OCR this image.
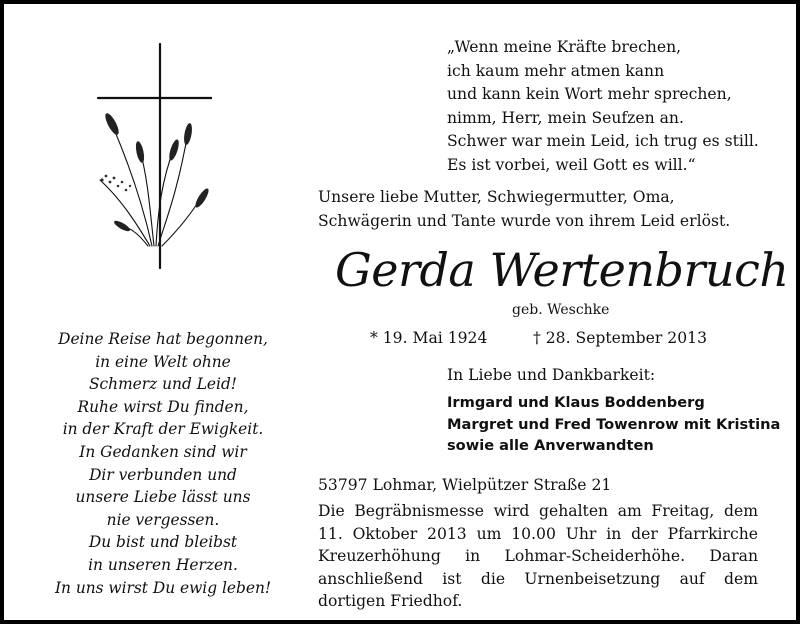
Deine Reise hat begonnen,
in eine Welt ohne
Schmerz und Leid!
Ruhe wirst Du finden,
in der Kraft der Ewigkeit.
In Gedanken sind wir
Dir verbunden und
unsere Liebe lässt uns
nie vergessen.
Du bist und bleibst
in unseren Herzen.
In uns wirst Du ewig leben!
„Wenn meine Kräfte brechen,
ich kaum mehr atmen kann
und kann kein Wort mehr sprechen,
nimm, Herr, mein Seufzen an.
Schwer war mein Leid, ich trug es still.
Es ist vorbei, weil Gott es will.“
Unsere liebe Mutter, Schwiegermutter, Oma, Schwägerin und Tante wurde von ihrem Leid erlöst.
Gerda Wertenbruch
geb. Weschke
* 19. Mai 1924	† 28. September 2013
In Liebe und Dankbarkeit:
Irmgard und Klaus Boddenberg
Margret und Fred Towenrow mit Kristina
sowie alle Anverwandten
53797 Lohmar, Wielpützer Straße 21
Die Begräbnismesse wird gehalten am Freitag, dem 11. Oktober 2013 um 10.00 Uhr in der Pfarrkirche Kreuzerhöhung in Lohmar-Scheiderhöhe. Daran anschließend ist die Urnenbeisetzung auf dem dortigen Friedhof.
